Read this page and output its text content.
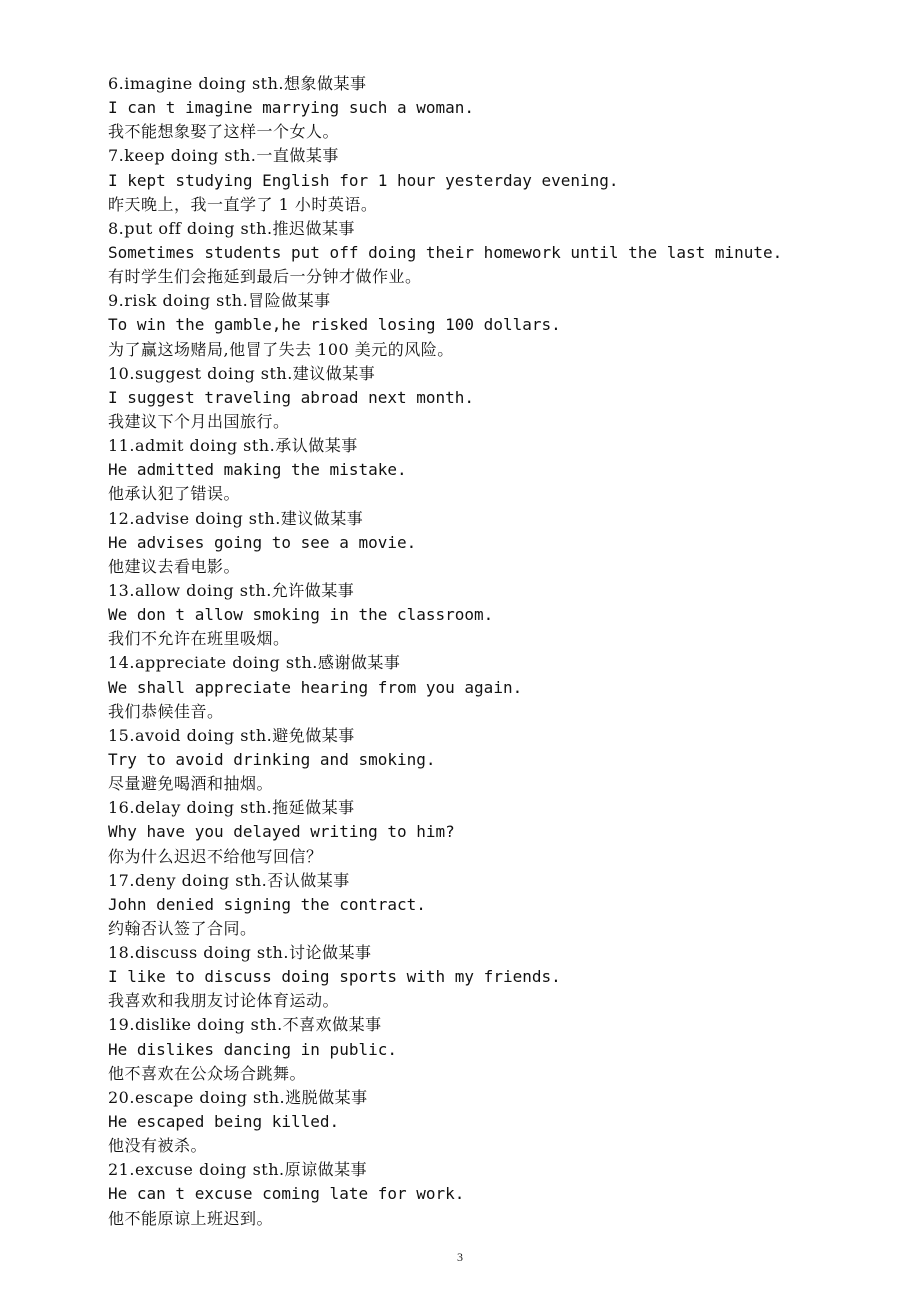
6.imagine doing sth.想象做某事
I can t imagine marrying such a woman.
我不能想象娶了这样一个女人。
7.keep doing sth.一直做某事
I kept studying English for 1 hour yesterday evening.
昨天晚上，我一直学了 1 小时英语。
8.put off doing sth.推迟做某事
Sometimes students put off doing their homework until the last minute.
有时学生们会拖延到最后一分钟才做作业。
9.risk doing sth.冒险做某事
To win the gamble,he risked losing 100 dollars.
为了赢这场赌局,他冒了失去 100 美元的风险。
10.suggest doing sth.建议做某事
I suggest traveling abroad next month.
我建议下个月出国旅行。
11.admit doing sth.承认做某事
He admitted making the mistake.
他承认犯了错误。
12.advise doing sth.建议做某事
He advises going to see a movie.
他建议去看电影。
13.allow doing sth.允许做某事
We don t allow smoking in the classroom.
我们不允许在班里吸烟。
14.appreciate doing sth.感谢做某事
We shall appreciate hearing from you again.
我们恭候佳音。
15.avoid doing sth.避免做某事
Try to avoid drinking and smoking.
尽量避免喝酒和抽烟。
16.delay doing sth.拖延做某事
Why have you delayed writing to him?
你为什么迟迟不给他写回信？
17.deny doing sth.否认做某事
John denied signing the contract.
约翰否认签了合同。
18.discuss doing sth.讨论做某事
I like to discuss doing sports with my friends.
我喜欢和我朋友讨论体育运动。
19.dislike doing sth.不喜欢做某事
He dislikes dancing in public.
他不喜欢在公众场合跳舞。
20.escape doing sth.逃脱做某事
He escaped being killed.
他没有被杀。
21.excuse doing sth.原谅做某事
He can t excuse coming late for work.
他不能原谅上班迟到。
3
